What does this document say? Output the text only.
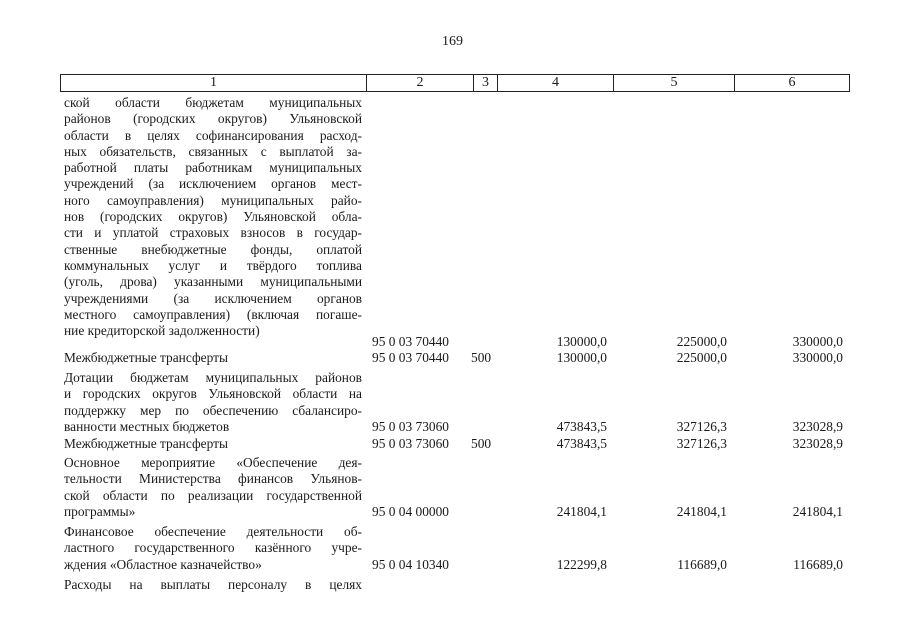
169
1	2	3	4	5	6
ской области бюджетам муниципальных
районов (городских округов) Ульяновской
области в целях софинансирования расход-
ных обязательств, связанных с выплатой за-
работной платы работникам муниципальных
учреждений (за исключением органов мест-
ного самоуправления) муниципальных райо-
нов (городских округов) Ульяновской обла-
сти и уплатой страховых взносов в государ-
ственные внебюджетные фонды, оплатой
коммунальных услуг и твёрдого топлива
(уголь, дрова) указанными муниципальными
учреждениями (за исключением органов
местного самоуправления) (включая погаше-
ние кредиторской задолженности)
95 0 03 70440	130000,0	225000,0	330000,0
Межбюджетные трансферты	95 0 03 70440 500	130000,0	225000,0	330000,0
Дотации бюджетам муниципальных районов
и городских округов Ульяновской области на
поддержку мер по обеспечению сбалансиро-
ванности местных бюджетов	95 0 03 73060	473843,5	327126,3	323028,9
Межбюджетные трансферты	95 0 03 73060 500	473843,5	327126,3	323028,9
Основное мероприятие «Обеспечение дея-
тельности Министерства финансов Ульянов-
ской области по реализации государственной
программы»	95 0 04 00000	241804,1	241804,1	241804,1
Финансовое обеспечение деятельности об-
ластного государственного казённого учре-
ждения «Областное казначейство»	95 0 04 10340	122299,8	116689,0	116689,0
Расходы на выплаты персоналу в целях
